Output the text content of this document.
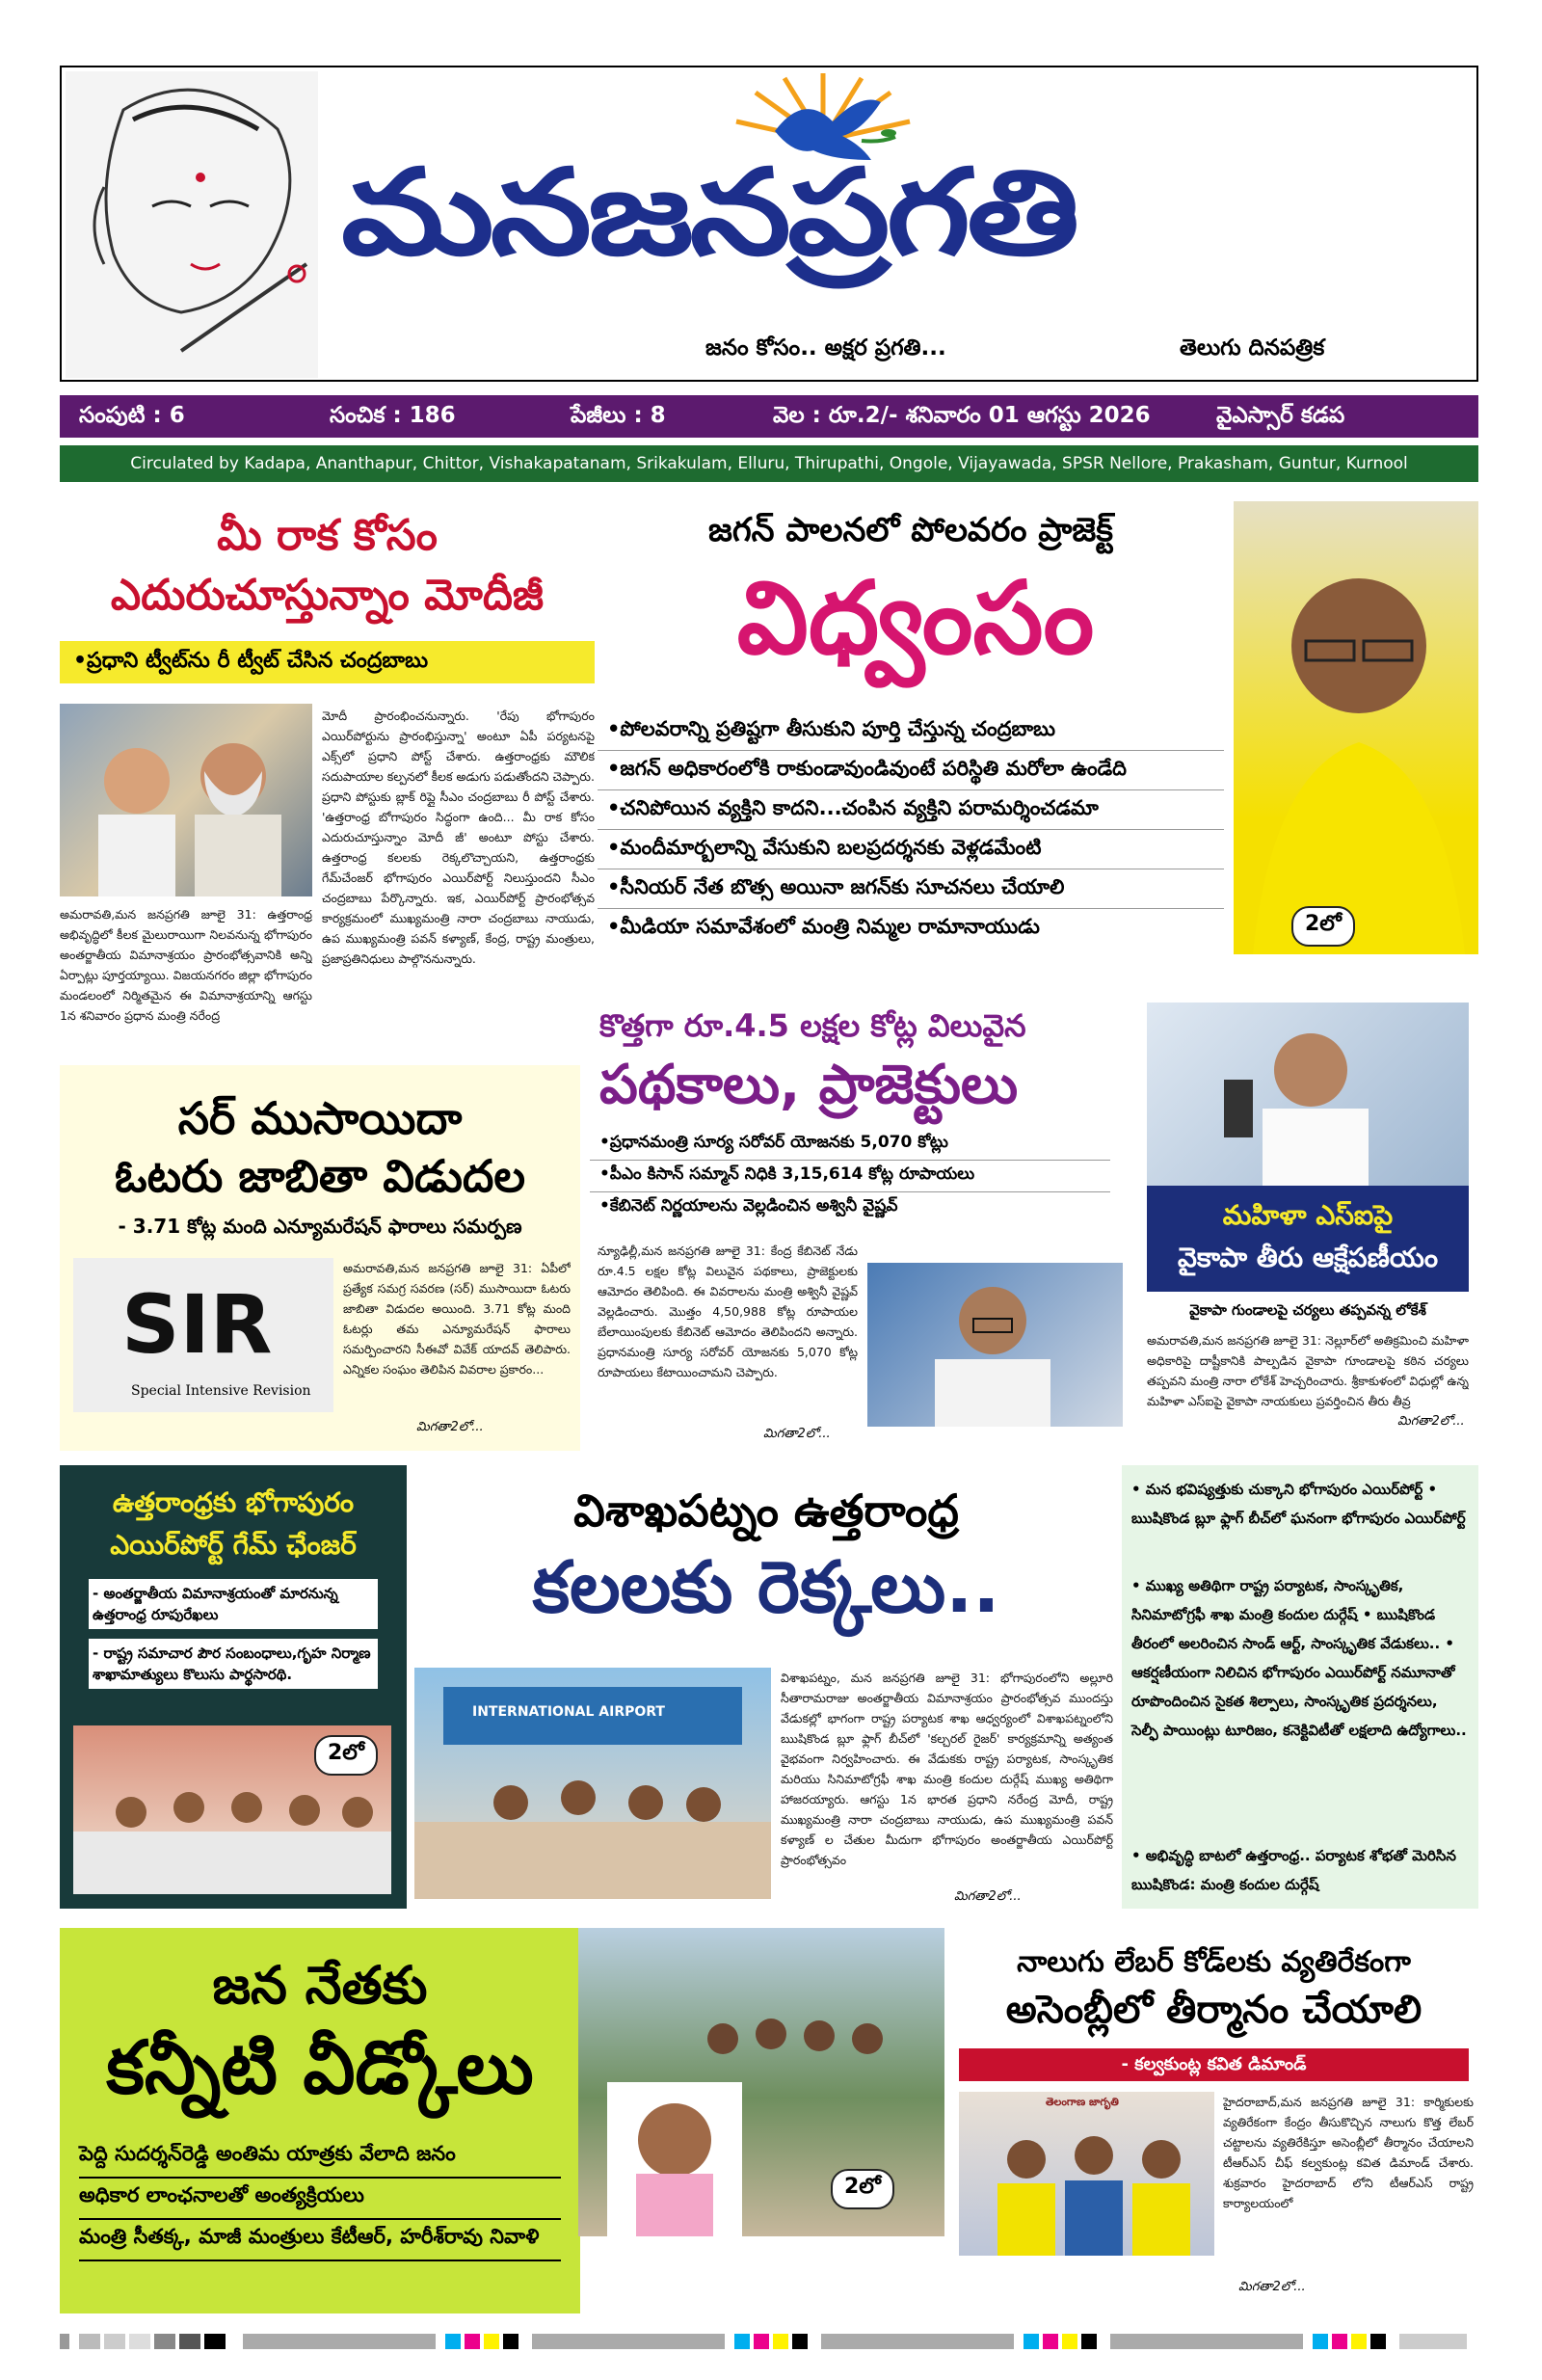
మనజనప్రగతి
జనం కోసం.. అక్షర ప్రగతి...	తెలుగు దినపత్రిక
సంపుటి : 6	సంచిక : 186	పేజీలు : 8	వెల : రూ.2/- శనివారం 01 ఆగస్టు 2026	వైఎస్సార్ కడప
Circulated by Kadapa, Ananthapur, Chittor, Vishakapatanam, Srikakulam, Elluru, Thirupathi, Ongole, Vijayawada, SPSR Nellore, Prakasham, Guntur, Kurnool
మీ రాక కోసం
ఎదురుచూస్తున్నాం మోదీజీ
•ప్రధాని ట్వీట్‌ను రీ ట్వీట్ చేసిన చంద్రబాబు
మోదీ ప్రారంభించనున్నారు. 'రేపు భోగాపురం ఎయిర్‌పోర్టును ప్రారంభిస్తున్నా' అంటూ ఏపీ పర్యటనపై ఎక్స్‌లో ప్రధాని పోస్ట్ చేశారు. ఉత్తరాంధ్రకు మౌలిక సదుపాయాల కల్పనలో కీలక అడుగు పడుతోందని చెప్పారు. ప్రధాని పోస్టుకు బ్లాక్ రిప్లై సీఎం చంద్రబాబు రీ పోస్ట్ చేశారు. 'ఉత్తరాంధ్ర బోగాపురం సిద్ధంగా ఉంది... మీ రాక కోసం ఎదురుచూస్తున్నాం మోదీ జీ' అంటూ పోస్టు చేశారు. ఉత్తరాంధ్ర కలలకు రెక్కలొచ్చాయని, ఉత్తరాంధ్రకు గేమ్‌చేంజర్ భోగాపురం ఎయిర్‌పోర్ట్ నిలుస్తుందని సీఎం చంద్రబాబు పేర్కొన్నారు. ఇక, ఎయిర్‌పోర్ట్ ప్రారంభోత్సవ కార్యక్రమంలో ముఖ్యమంత్రి నారా చంద్రబాబు నాయుడు, ఉప ముఖ్యమంత్రి పవన్ కళ్యాణ్, కేంద్ర, రాష్ట్ర మంత్రులు, ప్రజాప్రతినిధులు పాల్గొననున్నారు.
అమరావతి,మన జనప్రగతి జూలై 31: ఉత్తరాంధ్ర అభివృద్ధిలో కీలక మైలురాయిగా నిలవనున్న భోగాపురం అంతర్జాతీయ విమానాశ్రయం ప్రారంభోత్సవానికి అన్ని ఏర్పాట్లు పూర్తయ్యాయి. విజయనగరం జిల్లా భోగాపురం మండలంలో నిర్మితమైన ఈ విమానాశ్రయాన్ని ఆగస్టు 1న శనివారం ప్రధాన మంత్రి నరేంద్ర
జగన్ పాలనలో పోలవరం ప్రాజెక్ట్
విధ్వంసం
2లో
•పోలవరాన్ని ప్రతిష్టగా తీసుకుని పూర్తి చేస్తున్న చంద్రబాబు
•జగన్ అధికారంలోకి రాకుండావుండివుంటే పరిస్థితి మరోలా ఉండేది
•చనిపోయిన వ్యక్తిని కాదని...చంపిన వ్యక్తిని పరామర్శించడమా
•మందీమార్బలాన్ని వేసుకుని బలప్రదర్శనకు వెళ్లడమేంటి
•సీనియర్ నేత బొత్స అయినా జగన్‌కు సూచనలు చేయాలి
•మీడియా సమావేశంలో మంత్రి నిమ్మల రామానాయుడు
సర్ ముసాయిదా
ఓటరు జాబితా విడుదల
- 3.71 కోట్ల మంది ఎన్యూమరేషన్ ఫారాలు సమర్పణ
SIR
Special Intensive Revision
అమరావతి,మన జనప్రగతి జూలై 31: ఏపీలో ప్రత్యేక సమగ్ర సవరణ (సర్) ముసాయిదా ఓటరు జాబితా విడుదల అయింది. 3.71 కోట్ల మంది ఓటర్లు తమ ఎన్యూమరేషన్ ఫారాలు సమర్పించారని సీఈవో వివేక్ యాదవ్ తెలిపారు. ఎన్నికల సంఘం తెలిపిన వివరాల ప్రకారం...
మిగతా2లో...
కొత్తగా రూ.4.5 లక్షల కోట్ల విలువైన
పథకాలు, ప్రాజెక్టులు
•ప్రధానమంత్రి సూర్య సరోవర్ యోజనకు 5,070 కోట్లు
•పీఎం కిసాన్ సమ్మాన్ నిధికి 3,15,614 కోట్ల రూపాయలు
•కేబినెట్ నిర్ణయాలను వెల్లడించిన అశ్వినీ వైష్ణవ్
న్యూఢిల్లీ,మన జనప్రగతి జూలై 31: కేంద్ర కేబినెట్ నేడు రూ.4.5 లక్షల కోట్ల విలువైన పథకాలు, ప్రాజెక్టులకు ఆమోదం తెలిపింది. ఈ వివరాలను మంత్రి అశ్వినీ వైష్ణవ్ వెల్లడించారు. మొత్తం 4,50,988 కోట్ల రూపాయల బేలాయింపులకు కేబినెట్ ఆమోదం తెలిపిందని అన్నారు. ప్రధానమంత్రి సూర్య సరోవర్ యోజనకు 5,070 కోట్ల రూపాయలు కేటాయించామని చెప్పారు.
మిగతా2లో...
మహిళా ఎస్ఐపై
వైకాపా తీరు ఆక్షేపణీయం
వైకాపా గుండాలపై చర్యలు తప్పవన్న లోకేశ్
అమరావతి,మన జనప్రగతి జూలై 31: నెల్లూర్‌లో అతిక్రమించి మహిళా అధికారిపై దాష్టీకానికి పాల్పడిన వైకాపా గూండాలపై కఠిన చర్యలు తప్పవని మంత్రి నారా లోకేశ్ హెచ్చరించారు. శ్రీకాకుళంలో విధుల్లో ఉన్న మహిళా ఎస్ఐపై వైకాపా నాయకులు ప్రవర్తించిన తీరు తీవ్ర
మిగతా2లో...
ఉత్తరాంధ్రకు భోగాపురం
ఎయిర్‌పోర్ట్ గేమ్ ఛేంజర్
- అంతర్జాతీయ విమానాశ్రయంతో మారనున్న ఉత్తరాంధ్ర రూపురేఖలు
- రాష్ట్ర సమాచార పౌర సంబంధాలు,గృహ నిర్మాణ శాఖామాత్యులు కొలుసు పార్థసారథి.
2లో
విశాఖపట్నం ఉత్తరాంధ్ర
కలలకు రెక్కలు..
INTERNATIONAL AIRPORT
విశాఖపట్నం, మన జనప్రగతి జూలై 31: భోగాపురంలోని అల్లూరి సీతారామరాజు అంతర్జాతీయ విమానాశ్రయం ప్రారంభోత్సవ ముందస్తు వేడుకల్లో భాగంగా రాష్ట్ర పర్యాటక శాఖ ఆధ్వర్యంలో విశాఖపట్నంలోని ఋషికొండ బ్లూ ఫ్లాగ్ బీచ్‌లో 'కల్చరల్ రైజర్' కార్యక్రమాన్ని అత్యంత వైభవంగా నిర్వహించారు. ఈ వేడుకకు రాష్ట్ర పర్యాటక, సాంస్కృతిక మరియు సినిమాటోగ్రఫీ శాఖ మంత్రి కందుల దుర్గేష్ ముఖ్య అతిథిగా హాజరయ్యారు. ఆగస్టు 1న భారత ప్రధాని నరేంద్ర మోదీ, రాష్ట్ర ముఖ్యమంత్రి నారా చంద్రబాబు నాయుడు, ఉప ముఖ్యమంత్రి పవన్ కళ్యాణ్ ల చేతుల మీదుగా భోగాపురం అంతర్జాతీయ ఎయిర్‌పోర్ట్ ప్రారంభోత్సవం
మిగతా2లో...
• మన భవిష్యత్తుకు చుక్కాని భోగాపురం ఎయిర్‌పోర్ట్ • ఋషికొండ బ్లూ ఫ్లాగ్ బీచ్‌లో ఘనంగా భోగాపురం ఎయిర్‌పోర్ట్
• ముఖ్య అతిథిగా రాష్ట్ర పర్యాటక, సాంస్కృతిక, సినిమాటోగ్రఫీ శాఖ మంత్రి కందుల దుర్గేష్ • ఋషికొండ తీరంలో అలరించిన సాండ్ ఆర్ట్, సాంస్కృతిక వేడుకలు.. • ఆకర్షణీయంగా నిలిచిన భోగాపురం ఎయిర్‌పోర్ట్ నమూనాతో రూపొందించిన సైకత శిల్పాలు, సాంస్కృతిక ప్రదర్శనలు, సెల్ఫీ పాయింట్లు టూరిజం, కనెక్టివిటీతో లక్షలాది ఉద్యోగాలు..
• అభివృద్ధి బాటలో ఉత్తరాంధ్ర.. పర్యాటక శోభతో మెరిసిన ఋషికొండ: మంత్రి కందుల దుర్గేష్
జన నేతకు
కన్నీటి వీడ్కోలు
పెద్ది సుదర్శన్‌రెడ్డి అంతిమ యాత్రకు వేలాది జనం
అధికార లాంఛనాలతో అంత్యక్రియలు
మంత్రి సీతక్క, మాజీ మంత్రులు కేటీఆర్, హరీశ్‌రావు నివాళి
2లో
నాలుగు లేబర్ కోడ్‌లకు వ్యతిరేకంగా
అసెంబ్లీలో తీర్మానం చేయాలి
- కల్వకుంట్ల కవిత డిమాండ్
తెలంగాణ జాగృతి	హైదరాబాద్,మన జనప్రగతి జూలై 31: కార్మికులకు వ్యతిరేకంగా కేంద్రం తీసుకొచ్చిన నాలుగు కొత్త లేబర్ చట్టాలను వ్యతిరేకిస్తూ అసెంబ్లీలో తీర్మానం చేయాలని టీఆర్ఎస్ చీఫ్ కల్వకుంట్ల కవిత డిమాండ్ చేశారు. శుక్రవారం హైదరాబాద్ లోని టీఆర్ఎస్ రాష్ట్ర కార్యాలయంలో
మిగతా2లో...
